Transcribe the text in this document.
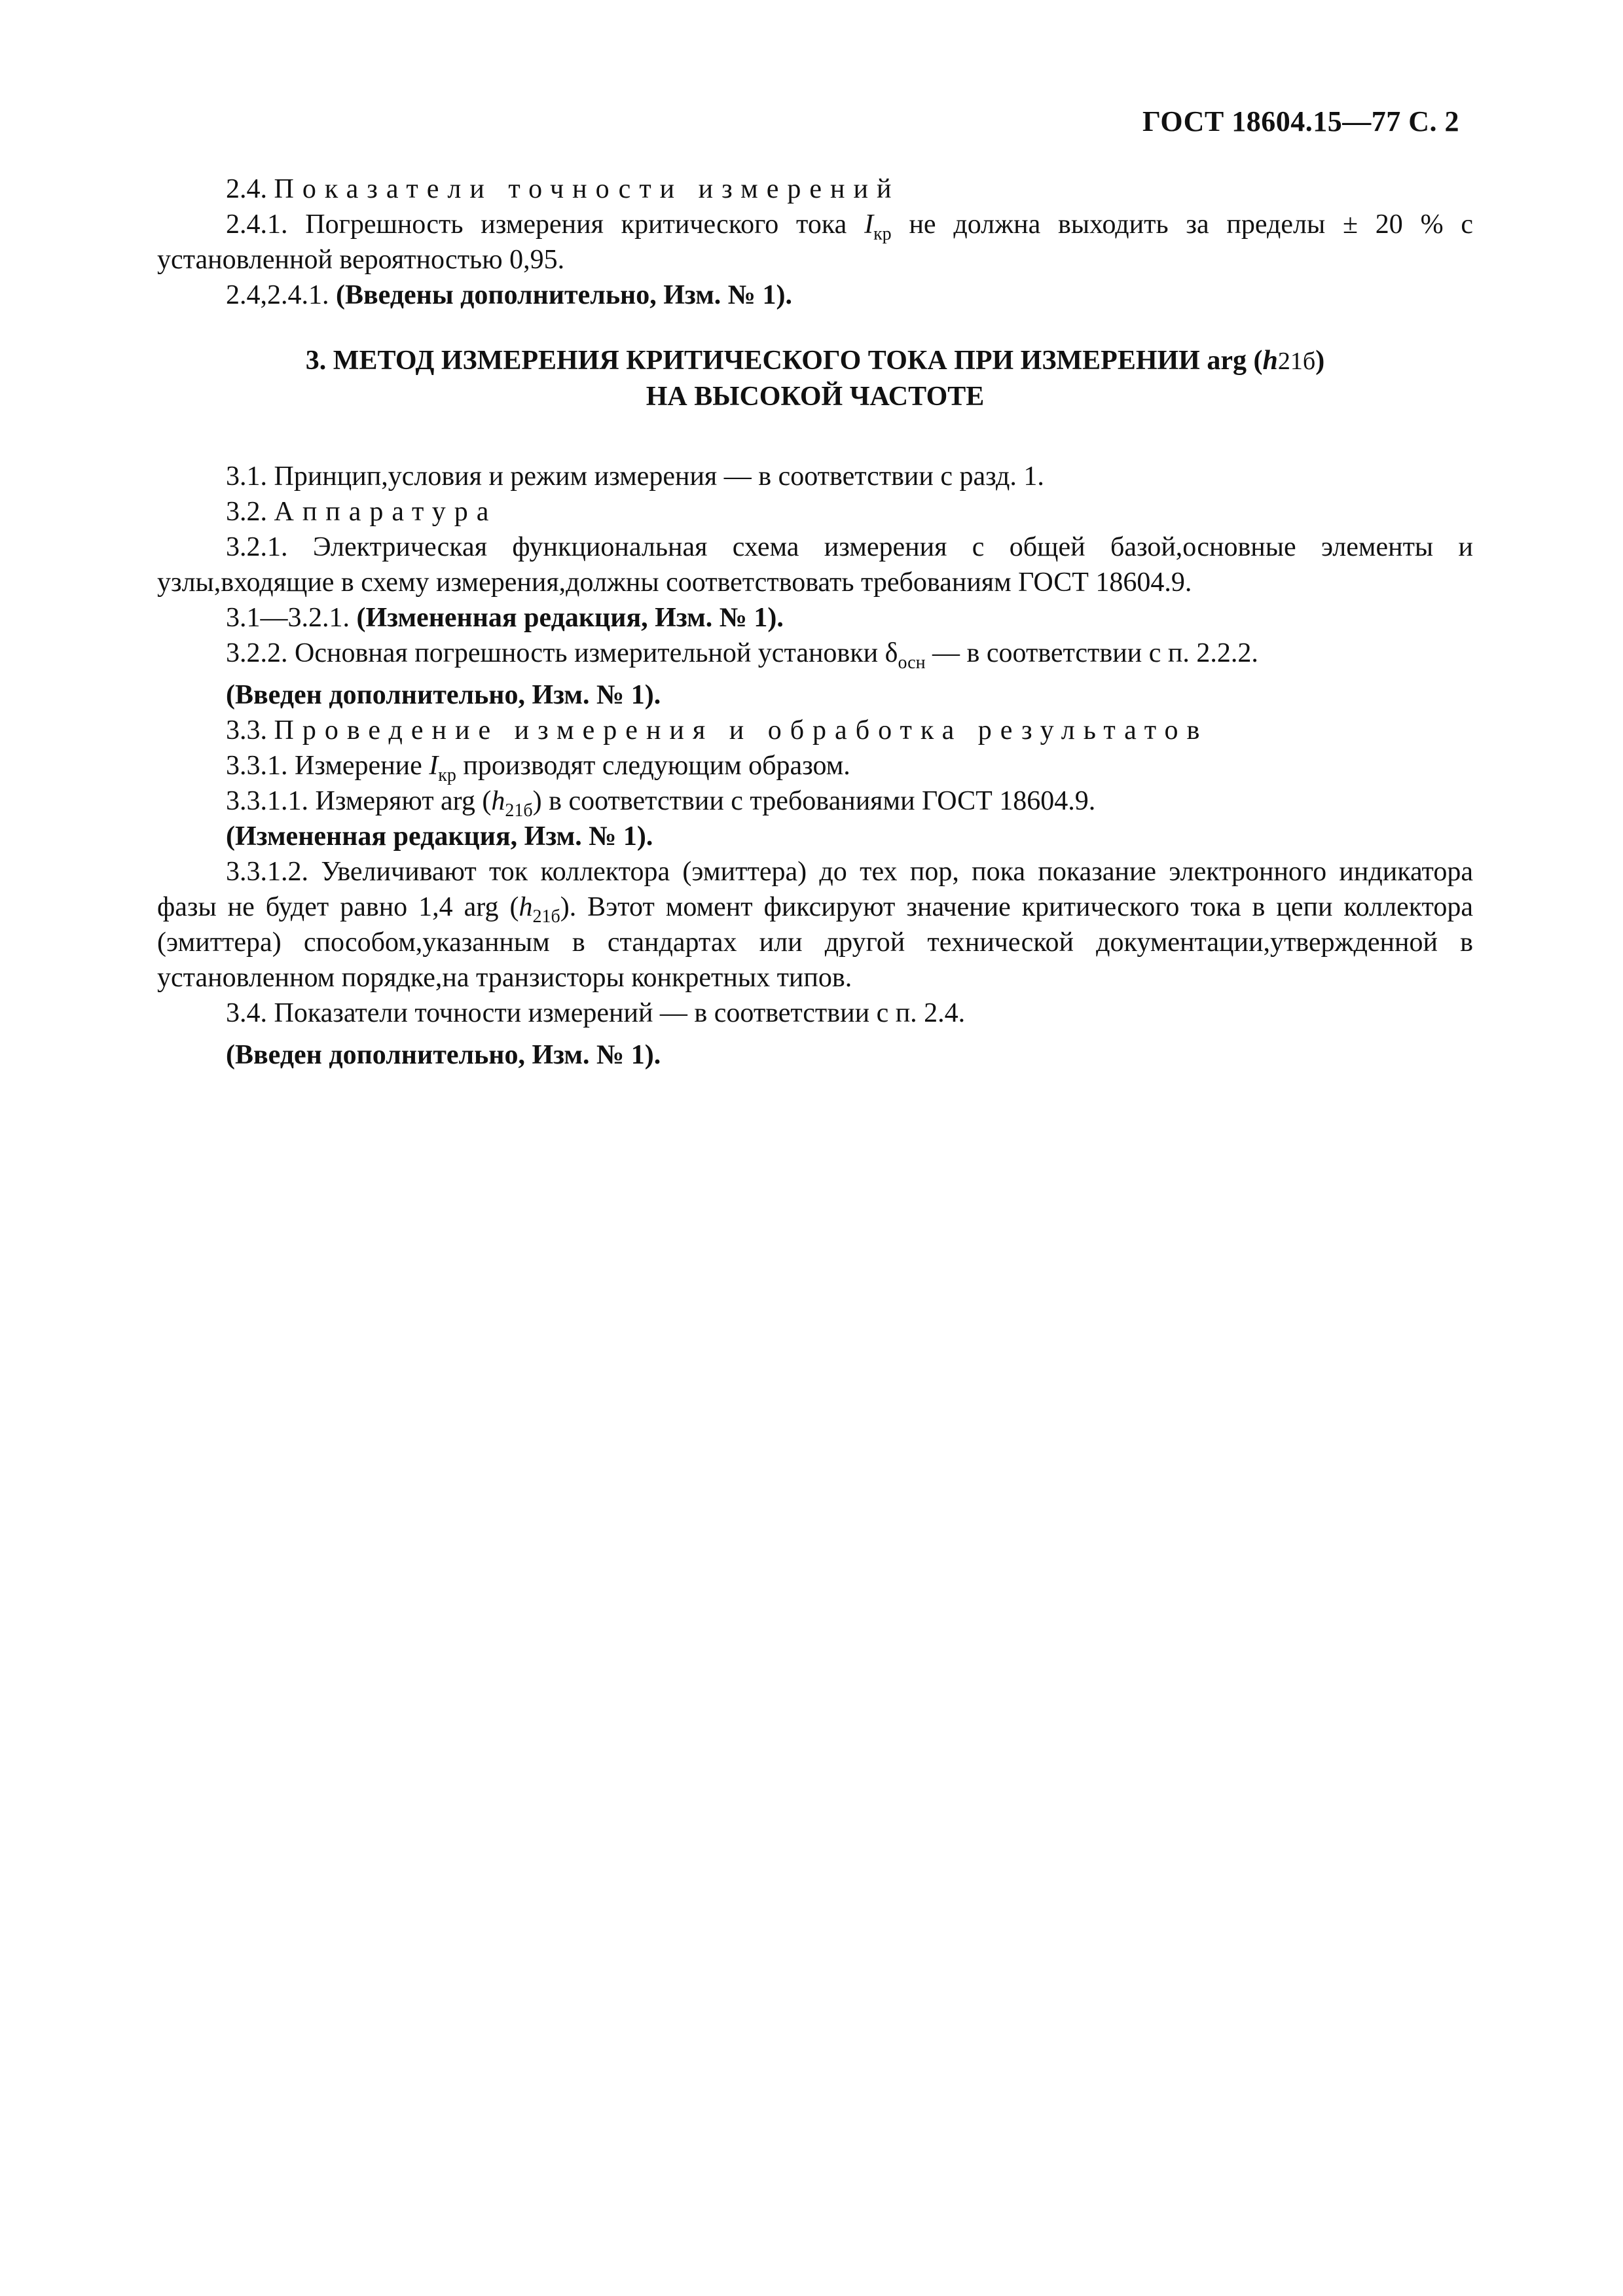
ГОСТ 18604.15—77 С. 2

2.4. Показатели точности измерений

2.4.1. Погрешность измерения критического тока $I_{кр}$ не должна выходить за пределы ± 20 % с установленной вероятностью 0,95.

2.4,2.4.1. (Введены дополнительно, Изм. № 1).

3. МЕТОД ИЗМЕРЕНИЯ КРИТИЧЕСКОГО ТОКА ПРИ ИЗМЕРЕНИИ arg (h21б)
НА ВЫСОКОЙ ЧАСТОТЕ

3.1. Принцип,условия и режим измерения — в соответствии с разд. 1.

3.2. Аппаратура

3.2.1. Электрическая функциональная схема измерения с общей базой,основные элементы и узлы,входящие в схему измерения,должны соответствовать требованиям ГОСТ 18604.9.

3.1—3.2.1. (Измененная редакция, Изм. № 1).

3.2.2. Основная погрешность измерительной установки $\delta_{осн}$ — в соответствии с п. 2.2.2.

(Введен дополнительно, Изм. № 1).

3.3. Проведение измерения и обработка результатов

3.3.1. Измерение $I_{кр}$ производят следующим образом.

3.3.1.1. Измеряют arg $(h_{21б})$ в соответствии с требованиями ГОСТ 18604.9.

(Измененная редакция, Изм. № 1).

3.3.1.2. Увеличивают ток коллектора (эмиттера) до тех пор, пока показание электронного индикатора фазы не будет равно 1,4 arg $(h_{21б})$. Вэтот момент фиксируют значение критического тока в цепи коллектора (эмиттера) способом,указанным в стандартах или другой технической документации,утвержденной в установленном порядке,на транзисторы конкретных типов.

3.4. Показатели точности измерений — в соответствии с п. 2.4.

(Введен дополнительно, Изм. № 1).
